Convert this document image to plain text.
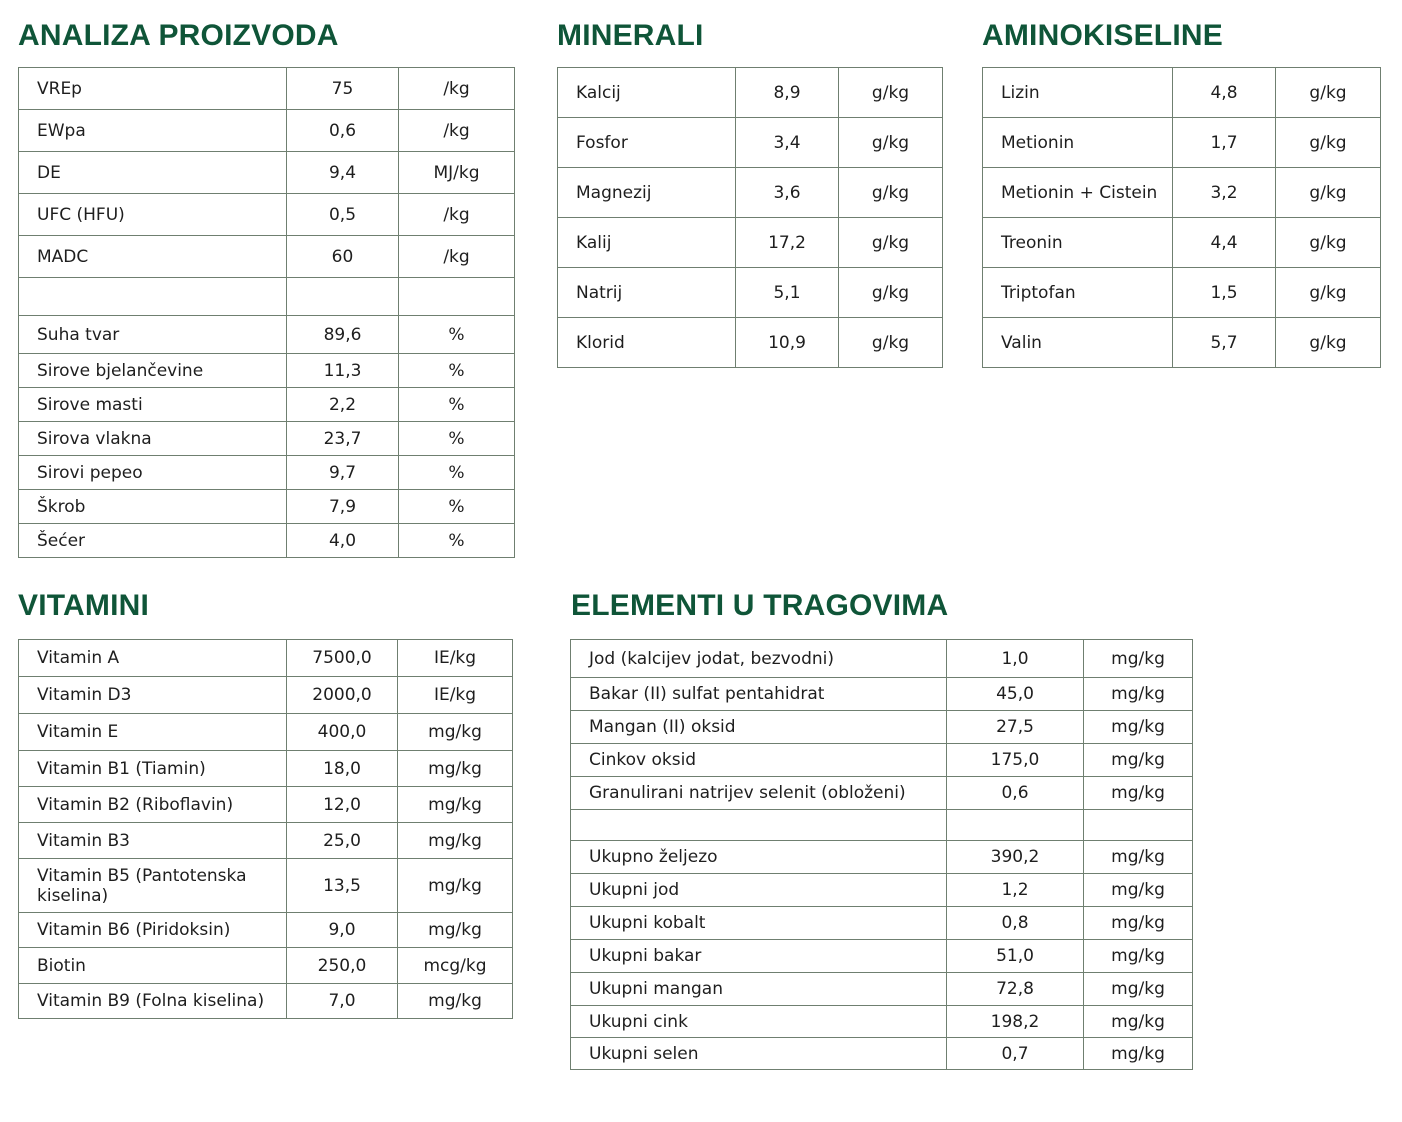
ANALIZA PROIZVODA
VREp	75	/kg
EWpa	0,6	/kg
DE	9,4	MJ/kg
UFC (HFU)	0,5	/kg
MADC	60	/kg

Suha tvar	89,6	%
Sirove bjelančevine	11,3	%
Sirove masti	2,2	%
Sirova vlakna	23,7	%
Sirovi pepeo	9,7	%
Škrob	7,9	%
Šećer	4,0	%
MINERALI
Kalcij	8,9	g/kg
Fosfor	3,4	g/kg
Magnezij	3,6	g/kg
Kalij	17,2	g/kg
Natrij	5,1	g/kg
Klorid	10,9	g/kg
AMINOKISELINE
Lizin	4,8	g/kg
Metionin	1,7	g/kg
Metionin + Cistein	3,2	g/kg
Treonin	4,4	g/kg
Triptofan	1,5	g/kg
Valin	5,7	g/kg
VITAMINI
Vitamin A	7500,0	IE/kg
Vitamin D3	2000,0	IE/kg
Vitamin E	400,0	mg/kg
Vitamin B1 (Tiamin)	18,0	mg/kg
Vitamin B2 (Riboflavin)	12,0	mg/kg
Vitamin B3	25,0	mg/kg
Vitamin B5 (Pantotenska kiselina)	13,5	mg/kg
Vitamin B6 (Piridoksin)	9,0	mg/kg
Biotin	250,0	mcg/kg
Vitamin B9 (Folna kiselina)	7,0	mg/kg
ELEMENTI U TRAGOVIMA
Jod (kalcijev jodat, bezvodni)	1,0	mg/kg
Bakar (II) sulfat pentahidrat	45,0	mg/kg
Mangan (II) oksid	27,5	mg/kg
Cinkov oksid	175,0	mg/kg
Granulirani natrijev selenit (obloženi)	0,6	mg/kg

Ukupno željezo	390,2	mg/kg
Ukupni jod	1,2	mg/kg
Ukupni kobalt	0,8	mg/kg
Ukupni bakar	51,0	mg/kg
Ukupni mangan	72,8	mg/kg
Ukupni cink	198,2	mg/kg
Ukupni selen	0,7	mg/kg
